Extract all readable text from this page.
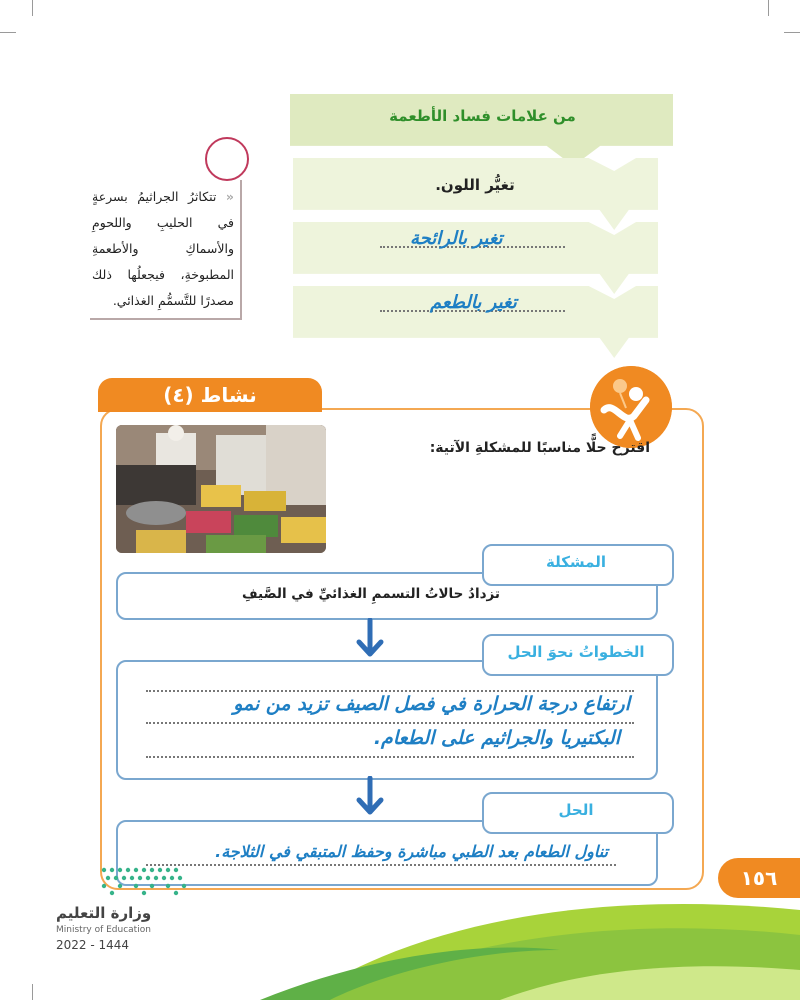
من علامات فساد الأطعمة
تغيُّر اللون.
تغير بالرائحة
تغير بالطعم
« تتكاثرُ الجراثيمُ بسرعةٍ في الحليبِ واللحومِ والأسماكِ والأطعمةِ المطبوخةِ، فيجعلُها ذلك مصدرًا للتَّسمُّمِ الغذائي.
نشاط (٤)
اقترح حلًّا مناسبًا للمشكلةِ الآتية:
المشكلة
تزدادُ حالاتُ التسممِ الغذائيِّ في الصَّيفِ
الخطواتُ نحوَ الحل
ارتفاع درجة الحرارة في فصل الصيف تزيد من نمو
البكتيريا والجراثيم على الطعام.
الحل
تناول الطعام بعد الطبي مباشرة وحفظ المتبقي في الثلاجة.
١٥٦
وزارة التعليم
Ministry of Education
2022 - 1444
